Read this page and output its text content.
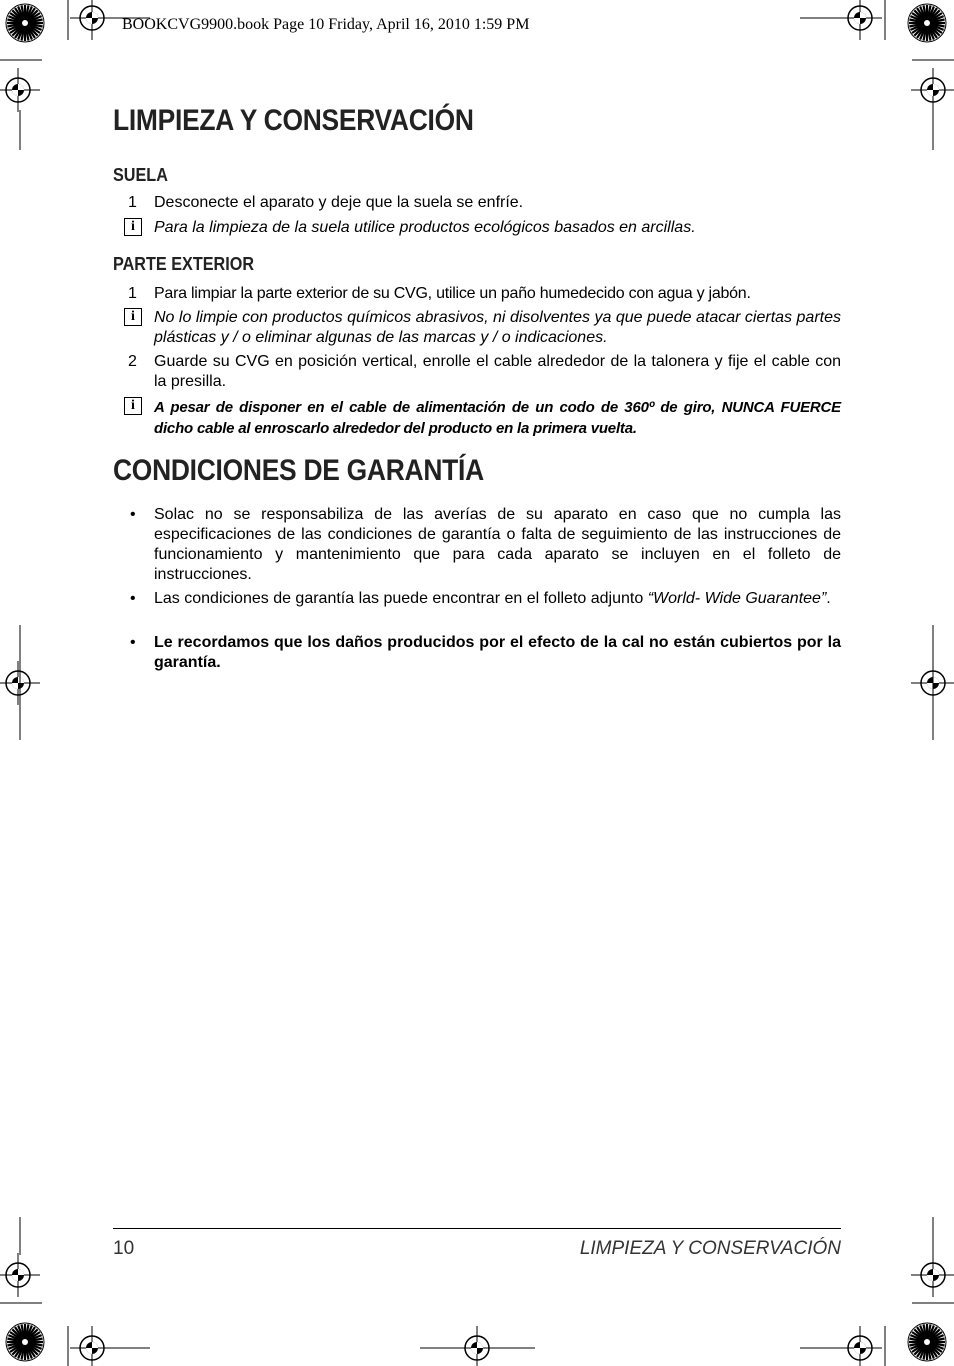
BOOKCVG9900.book Page 10 Friday, April 16, 2010 1:59 PM
LIMPIEZA Y CONSERVACIÓN
SUELA
1 Desconecte el aparato y deje que la suela se enfríe.
i Para la limpieza de la suela utilice productos ecológicos basados en arcillas.
PARTE EXTERIOR
1 Para limpiar la parte exterior de su CVG, utilice un paño humedecido con agua y jabón.
i No lo limpie con productos químicos abrasivos, ni disolventes ya que puede atacar ciertas partes plásticas y / o eliminar algunas de las marcas y / o indicaciones.
2 Guarde su CVG en posición vertical, enrolle el cable alrededor de la talonera y fije el cable con la presilla.
i A pesar de disponer en el cable de alimentación de un codo de 360º de giro, NUNCA FUERCE dicho cable al enroscarlo alrededor del producto en la primera vuelta.
CONDICIONES DE GARANTÍA
• Solac no se responsabiliza de las averías de su aparato en caso que no cumpla las especificaciones de las condiciones de garantía o falta de seguimiento de las instrucciones de funcionamiento y mantenimiento que para cada aparato se incluyen en el folleto de instrucciones.
• Las condiciones de garantía las puede encontrar en el folleto adjunto “World- Wide Guarantee”.
• Le recordamos que los daños producidos por el efecto de la cal no están cubiertos por la garantía.
10	LIMPIEZA Y CONSERVACIÓN
